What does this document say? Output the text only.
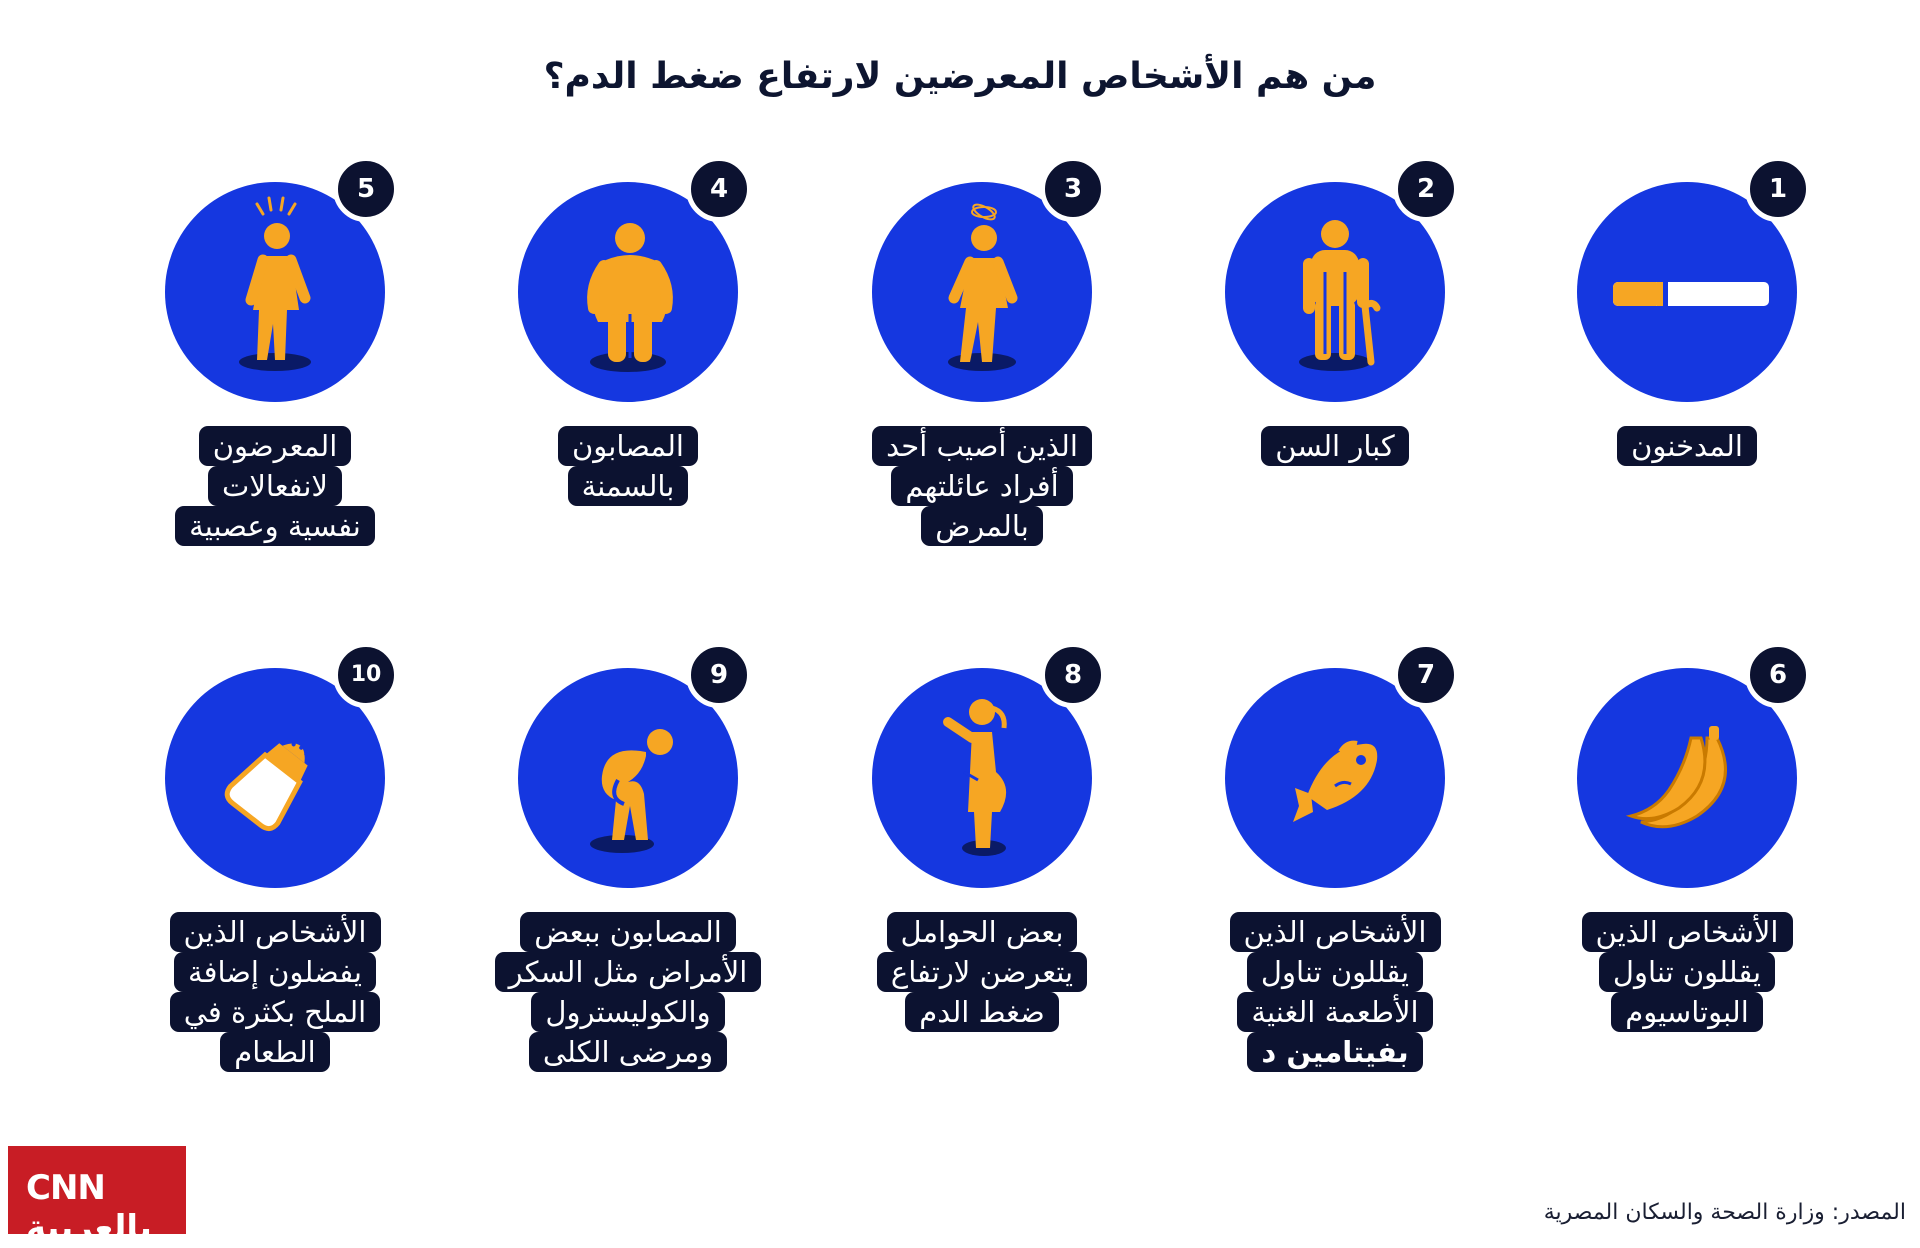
من هم الأشخاص المعرضين لارتفاع ضغط الدم؟
1
المدخنون
2
كبار السن
3
الذين أصيب أحد
أفراد عائلتهم
بالمرض
4
المصابون
بالسمنة
5
المعرضون
لانفعالات
نفسية وعصبية
6
الأشخاص الذين
يقللون تناول
البوتاسيوم
7
الأشخاص الذين
يقللون تناول
الأطعمة الغنية
بفيتامين د
8
بعض الحوامل
يتعرضن لارتفاع
ضغط الدم
9
المصابون ببعض
الأمراض مثل السكر
والكوليسترول
ومرضى الكلى
10
الأشخاص الذين
يفضلون إضافة
الملح بكثرة في
الطعام
CNN بالعربية	المصدر: وزارة الصحة والسكان المصرية
